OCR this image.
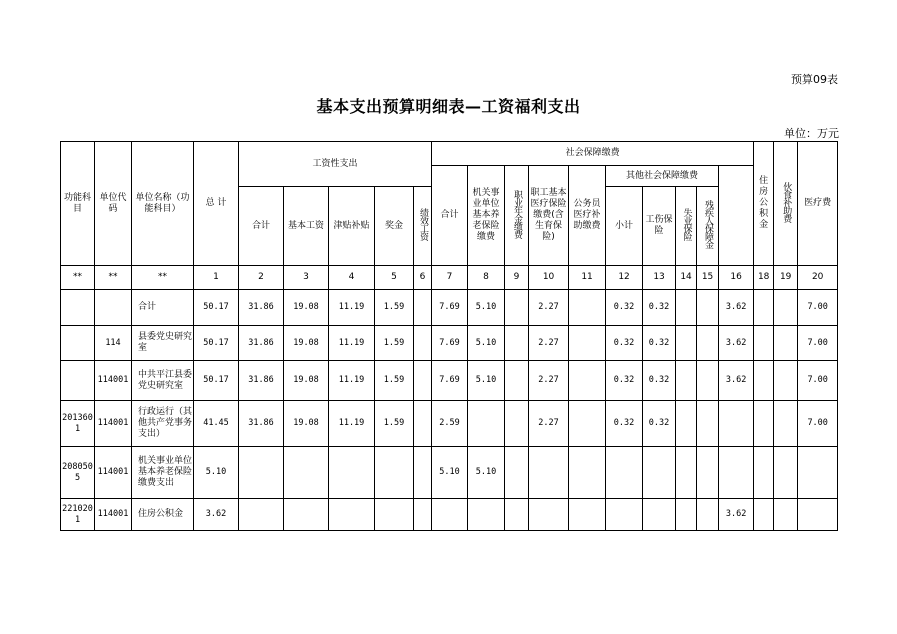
预算09表
基本支出预算明细表—工资福利支出
单位：万元
功能科目	单位代码	单位名称（功能科目）	总 计	工资性支出					社会保障缴费										住房公积金	伙食补助费	医疗费	
									合计	机关事业单位基本养老保险缴费	职业年金缴费	职工基本医疗保险缴费(含生育保险)	公务员医疗补助缴费	其他社会保障缴费								
				合计	基本工资	津贴补贴	奖金	绩效工资						小计	工伤保险	失业保险	残疾人保障金					
**	**	**	1	2	3	4	5	6	7	8	9	10	11	12	13	14	15	16	18	19	20	
		合计	50.17	31.86	19.08	11.19	1.59		7.69	5.10		2.27		0.32	0.32			3.62			7.00	
	114	县委党史研究室	50.17	31.86	19.08	11.19	1.59		7.69	5.10		2.27		0.32	0.32			3.62			7.00	
	114001	中共平江县委党史研究室	50.17	31.86	19.08	11.19	1.59		7.69	5.10		2.27		0.32	0.32			3.62			7.00	
2013601	114001	行政运行（其他共产党事务支出）	41.45	31.86	19.08	11.19	1.59		2.59			2.27		0.32	0.32						7.00	
2080505	114001	机关事业单位基本养老保险缴费支出	5.10						5.10	5.10												
2210201	114001	住房公积金	3.62															3.62				
